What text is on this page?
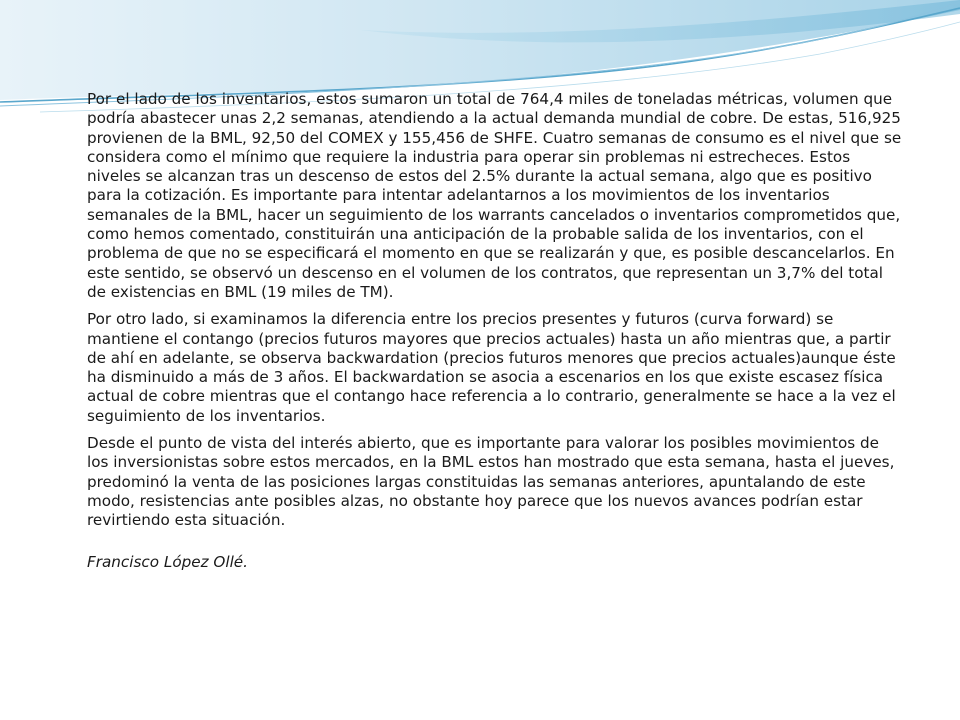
Por el lado de los inventarios, estos sumaron un total de 764,4 miles de toneladas métricas, volumen que podría abastecer unas 2,2 semanas, atendiendo a la actual demanda mundial de cobre. De estas, 516,925 provienen de la BML, 92,50 del COMEX y 155,456 de SHFE. Cuatro semanas de consumo es el nivel que se considera como el mínimo que requiere la industria para operar sin problemas ni estrecheces. Estos niveles se alcanzan tras un descenso de estos del 2.5% durante la actual semana, algo que es positivo para la cotización. Es importante para intentar adelantarnos a los movimientos de los inventarios semanales de la BML, hacer un seguimiento de los warrants cancelados o inventarios comprometidos que, como hemos comentado, constituirán una anticipación de la probable salida de los inventarios, con el problema de que no se especificará el momento en que se realizarán y que, es posible descancelarlos. En este sentido, se observó un descenso en el volumen de los contratos, que representan un 3,7% del total de existencias en BML (19 miles de TM).

Por otro lado, si examinamos la diferencia entre los precios presentes y futuros (curva forward) se mantiene el contango (precios futuros mayores que precios actuales) hasta un año mientras que, a partir de ahí en adelante, se observa backwardation (precios futuros menores que precios actuales)aunque éste ha disminuido a más de 3 años. El backwardation se asocia a escenarios en los que existe escasez física actual de cobre mientras que el contango hace referencia a lo contrario, generalmente se hace a la vez el seguimiento de los inventarios.

Desde el punto de vista del interés abierto, que es importante para valorar los posibles movimientos de los inversionistas sobre estos mercados, en la BML estos han mostrado que esta semana, hasta el jueves, predominó la venta de las posiciones largas constituidas las semanas anteriores, apuntalando de este modo, resistencias ante posibles alzas, no obstante hoy parece que los nuevos avances podrían estar revirtiendo esta situación.

Francisco López Ollé.
